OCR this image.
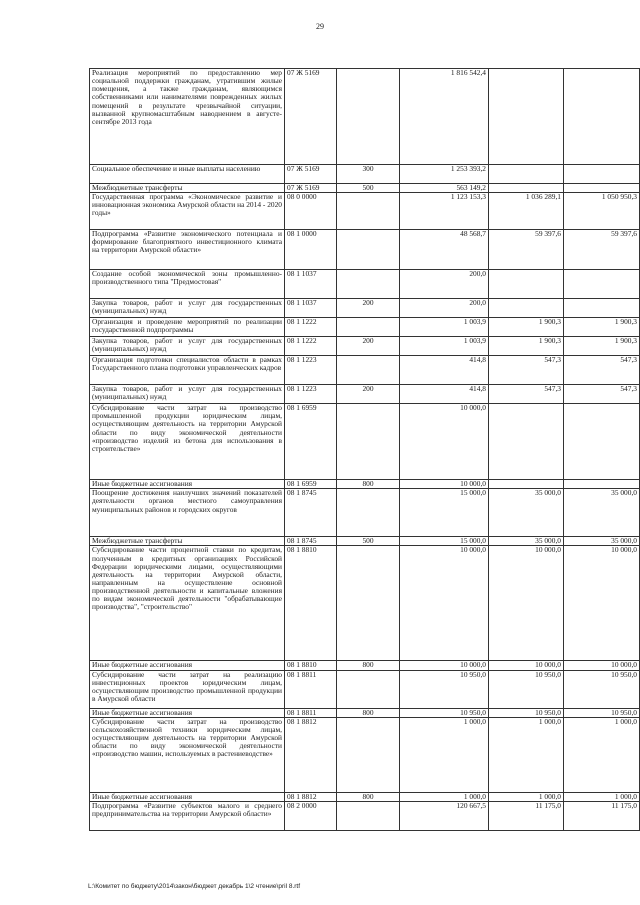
29
Реализация мероприятий по предоставлению мер социальной поддержки гражданам, утратившим жилые помещения, а также гражданам, являющимся собственниками или нанимателями поврежденных жилых помещений в результате чрезвычайной ситуации, вызванной крупномасштабным наводнением в августе-сентябре 2013 года	07 Ж 5169		1 816 542,4		
Социальное обеспечение и иные выплаты населению	07 Ж 5169	300	1 253 393,2		
Межбюджетные трансферты	07 Ж 5169	500	563 149,2		
Государственная программа «Экономическое развитие и инновационная экономика Амурской области на 2014 - 2020 годы»	08 0 0000		1 123 153,3	1 036 289,1	1 050 950,3
Подпрограмма «Развитие экономического потенциала и формирование благоприятного инвестиционного климата на территории Амурской области»	08 1 0000		48 568,7	59 397,6	59 397,6
Создание особой экономической зоны промышленно-производственного типа "Предмостовая"	08 1 1037		200,0		
Закупка товаров, работ и услуг для государственных (муниципальных) нужд	08 1 1037	200	200,0		
Организация и проведение мероприятий по реализации государственной подпрограммы	08 1 1222		1 003,9	1 900,3	1 900,3
Закупка товаров, работ и услуг для государственных (муниципальных) нужд	08 1 1222	200	1 003,9	1 900,3	1 900,3
Организация подготовки специалистов области в рамках Государственного плана подготовки управленческих кадров	08 1 1223		414,8	547,3	547,3
Закупка товаров, работ и услуг для государственных (муниципальных) нужд	08 1 1223	200	414,8	547,3	547,3
Субсидирование части затрат на производство промышленной продукции юридическим лицам, осуществляющим деятельность на территории Амурской области по виду экономической деятельности «производство изделий из бетона для использования в строительстве»	08 1 6959		10 000,0		
Иные бюджетные ассигнования	08 1 6959	800	10 000,0		
Поощрение достижения наилучших значений показателей деятельности органов местного самоуправления муниципальных районов и городских округов	08 1 8745		15 000,0	35 000,0	35 000,0
Межбюджетные трансферты	08 1 8745	500	15 000,0	35 000,0	35 000,0
Субсидирование части процентной ставки по кредитам, полученным в кредитных организациях Российской Федерации юридическими лицами, осуществляющими деятельность на территории Амурской области, направленным на осуществление основной производственной деятельности и капитальные вложения по видам экономической деятельности "обрабатывающие производства", "строительство"	08 1 8810		10 000,0	10 000,0	10 000,0
Иные бюджетные ассигнования	08 1 8810	800	10 000,0	10 000,0	10 000,0
Субсидирование части затрат на реализацию инвестиционных проектов юридическим лицам, осуществляющим производство промышленной продукции в Амурской области	08 1 8811		10 950,0	10 950,0	10 950,0
Иные бюджетные ассигнования	08 1 8811	800	10 950,0	10 950,0	10 950,0
Субсидирование части затрат на производство сельскохозяйственной техники юридическим лицам, осуществляющим деятельность на территории Амурской области по виду экономической деятельности «производство машин, используемых в растениеводстве»	08 1 8812		1 000,0	1 000,0	1 000,0
Иные бюджетные ассигнования	08 1 8812	800	1 000,0	1 000,0	1 000,0
Подпрограмма «Развитие субъектов малого и среднего предпринимательства на территории Амурской области»	08 2 0000		120 667,5	11 175,0	11 175,0
L:\Комитет по бюджету\2014\закон\бюджет декабрь 1\2 чтение\pril 8.rtf
